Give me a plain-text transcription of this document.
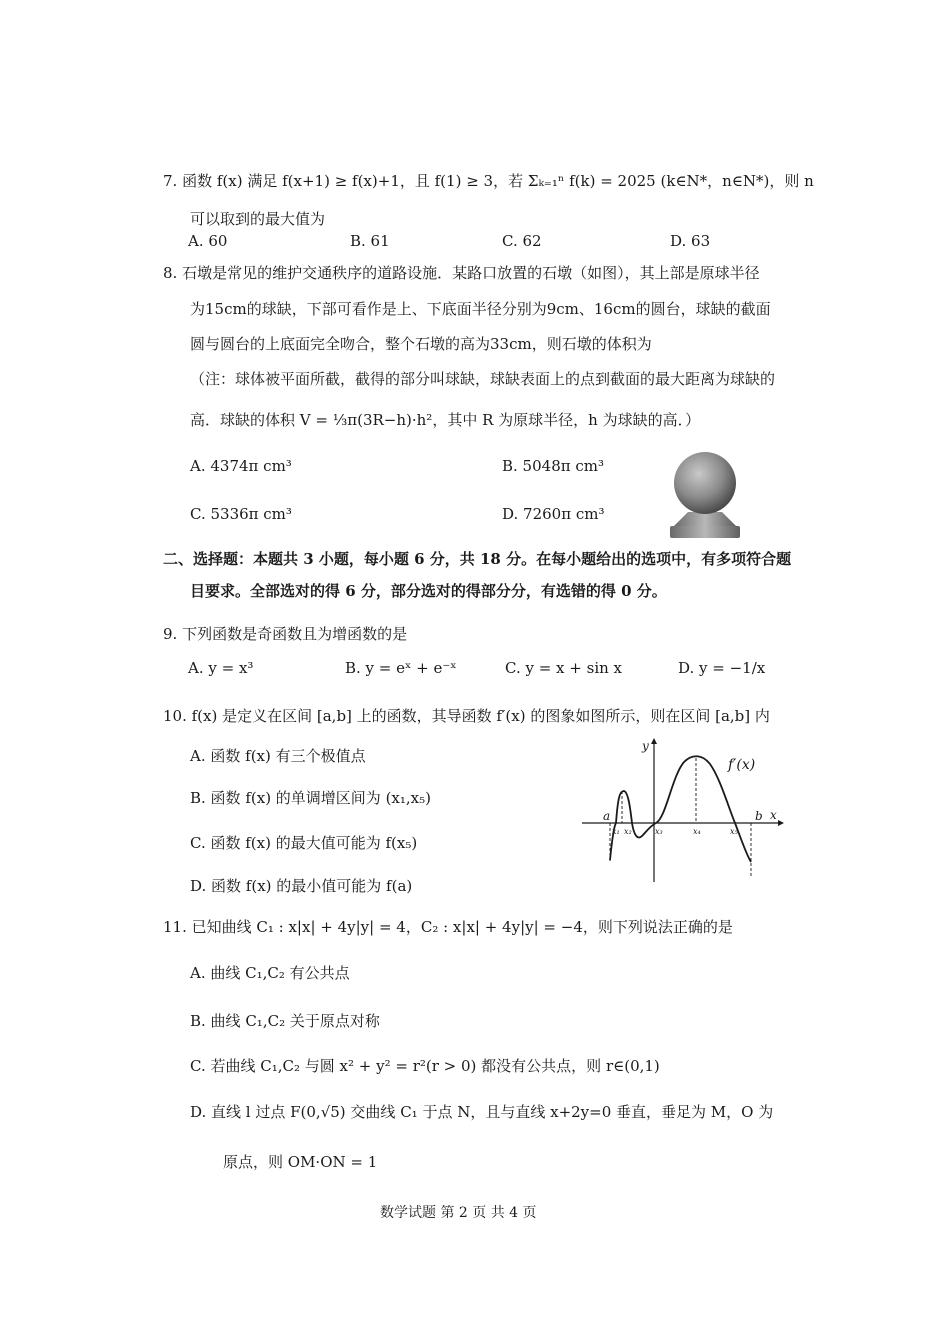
7. 函数 f(x) 满足 f(x+1) ≥ f(x)+1，且 f(1) ≥ 3，若 Σₖ₌₁ⁿ f(k) = 2025 (k∈N*，n∈N*)，则 n
可以取到的最大值为
A. 60	B. 61	C. 62	D. 63
8. 石墩是常见的维护交通秩序的道路设施．某路口放置的石墩（如图），其上部是原球半径
为15cm的球缺，下部可看作是上、下底面半径分别为9cm、16cm的圆台，球缺的截面
圆与圆台的上底面完全吻合，整个石墩的高为33cm，则石墩的体积为
（注：球体被平面所截，截得的部分叫球缺，球缺表面上的点到截面的最大距离为球缺的
高．球缺的体积 V = ⅓π(3R−h)·h²，其中 R 为原球半径，h 为球缺的高．）
A. 4374π cm³	B. 5048π cm³
C. 5336π cm³	D. 7260π cm³
二、选择题：本题共 3 小题，每小题 6 分，共 18 分。在每小题给出的选项中，有多项符合题
目要求。全部选对的得 6 分，部分选对的得部分分，有选错的得 0 分。
9. 下列函数是奇函数且为增函数的是
A. y = x³	B. y = eˣ + e⁻ˣ	C. y = x + sin x	D. y = −1/x
10. f(x) 是定义在区间 [a,b] 上的函数，其导函数 f′(x) 的图象如图所示，则在区间 [a,b] 内
A. 函数 f(x) 有三个极值点
B. 函数 f(x) 的单调增区间为 (x₁,x₅)
C. 函数 f(x) 的最大值可能为 f(x₅)
D. 函数 f(x) 的最小值可能为 f(a)
f′(x)
y
x
a	b
x₁ x₂	x₃	x₄	x₅
11. 已知曲线 C₁ : x|x| + 4y|y| = 4，C₂ : x|x| + 4y|y| = −4，则下列说法正确的是
A. 曲线 C₁,C₂ 有公共点
B. 曲线 C₁,C₂ 关于原点对称
C. 若曲线 C₁,C₂ 与圆 x² + y² = r²(r > 0) 都没有公共点，则 r∈(0,1)
D. 直线 l 过点 F(0,√5) 交曲线 C₁ 于点 N，且与直线 x+2y=0 垂直，垂足为 M，O 为
原点，则 OM·ON = 1
数学试题 第 2 页 共 4 页
